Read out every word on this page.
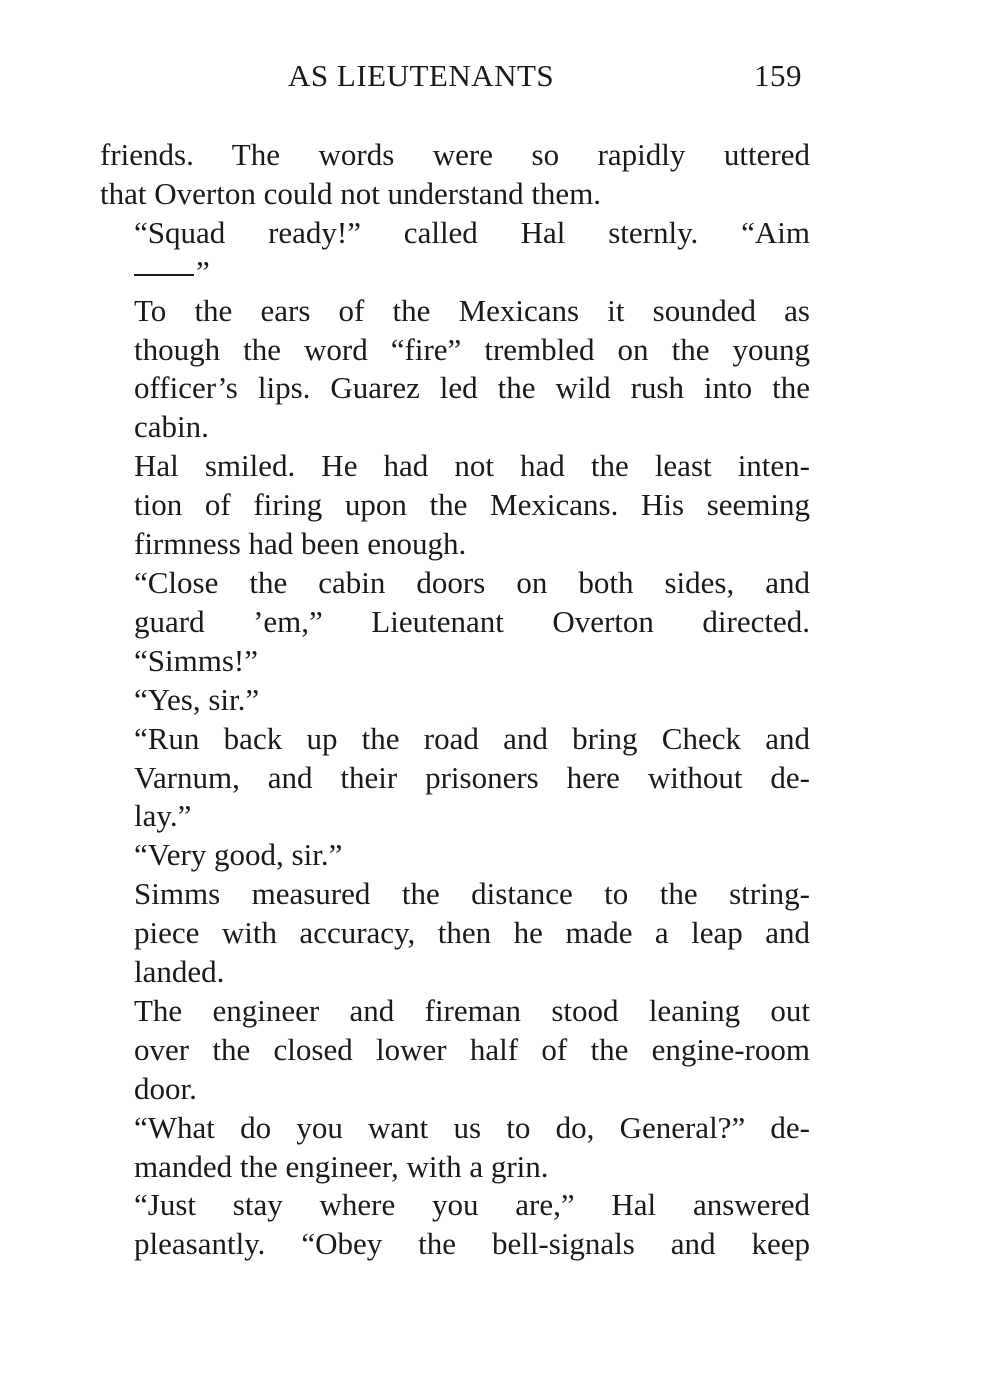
AS LIEUTENANTS	159

friends. The words were so rapidly uttered
that Overton could not understand them.

“Squad ready!” called Hal sternly. “Aim
”

To the ears of the Mexicans it sounded as
though the word “fire” trembled on the young
officer’s lips. Guarez led the wild rush into the
cabin.

Hal smiled. He had not had the least inten-
tion of firing upon the Mexicans. His seeming
firmness had been enough.

“Close the cabin doors on both sides, and
guard ’em,” Lieutenant Overton directed.
“Simms!”

“Yes, sir.”

“Run back up the road and bring Check and
Varnum, and their prisoners here without de-
lay.”

“Very good, sir.”

Simms measured the distance to the string-
piece with accuracy, then he made a leap and
landed.

The engineer and fireman stood leaning out
over the closed lower half of the engine-room
door.

“What do you want us to do, General?” de-
manded the engineer, with a grin.

“Just stay where you are,” Hal answered
pleasantly. “Obey the bell-signals and keep
